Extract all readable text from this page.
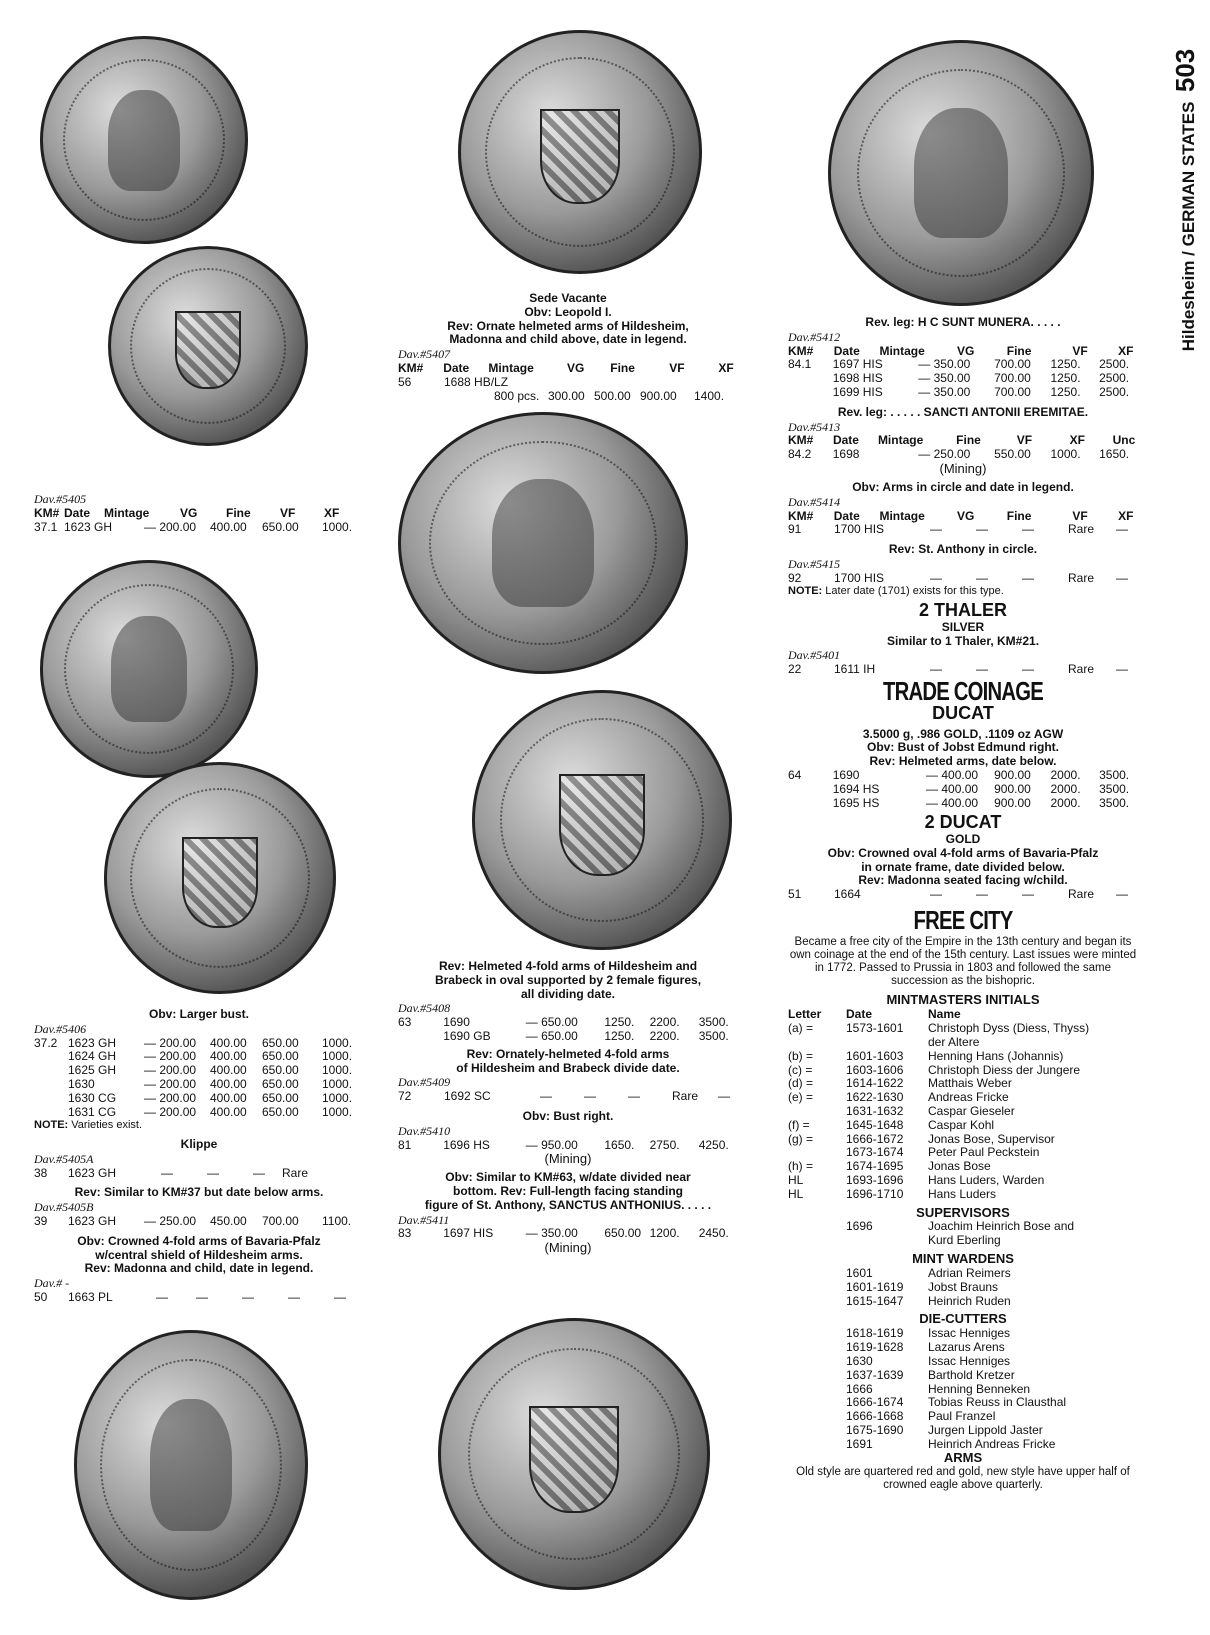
Hildesheim / GERMAN STATES  503
Dav.#5405
KM# Date	Mintage	VG	Fine	VF	XF
37.1 1623 GH	— 200.00	400.00	650.00	1000.
Obv: Larger bust.
Dav.#5406
37.2 1623 GH	— 200.00	400.00	650.00	1000.
1624 GH	— 200.00	400.00	650.00	1000.
1625 GH	— 200.00	400.00	650.00	1000.
1630	— 200.00	400.00	650.00	1000.
1630 CG	— 200.00	400.00	650.00	1000.
1631 CG	— 200.00	400.00	650.00	1000.
NOTE: Varieties exist.
Klippe
Dav.#5405A
38	1623 GH	—	—	—	Rare
Rev: Similar to KM#37 but date below arms.
Dav.#5405B
39	1623 GH	— 250.00	450.00	700.00	1100.
Obv: Crowned 4-fold arms of Bavaria-Pfalz
w/central shield of Hildesheim arms.
Rev: Madonna and child, date in legend.
Dav.# -
50	1663 PL	—	—	—	—	—
Sede Vacante
Obv: Leopold I.
Rev: Ornate helmeted arms of Hildesheim,
Madonna and child above, date in legend.
Dav.#5407
KM#	Date	Mintage	VG	Fine	VF	XF
56	1688 HB/LZ
800 pcs. 300.00 500.00 900.00	1400.
Rev: Helmeted 4-fold arms of Hildesheim and
Brabeck in oval supported by 2 female figures,
all dividing date.
Dav.#5408
63	1690	— 650.00	1250.	2200.	3500.
1690 GB	— 650.00	1250.	2200.	3500.
Rev: Ornately-helmeted 4-fold arms
of Hildesheim and Brabeck divide date.
Dav.#5409
72	1692 SC	—	—	—	Rare	—
Obv: Bust right.
Dav.#5410
81	1696 HS	— 950.00	1650.	2750.	4250.
(Mining)
Obv: Similar to KM#63, w/date divided near
bottom. Rev: Full-length facing standing
figure of St. Anthony, SANCTUS ANTHONIUS. . . . .
Dav.#5411
83	1697 HIS	— 350.00	650.00 1200.	2450.
(Mining)
Rev. leg: H C SUNT MUNERA. . . . .
Dav.#5412
KM#	Date	Mintage	VG	Fine	VF	XF
84.1	1697 HIS	— 350.00	700.00	1250.	2500.
1698 HIS	— 350.00	700.00	1250.	2500.
1699 HIS	— 350.00	700.00	1250.	2500.
Rev. leg: . . . . . SANCTI ANTONII EREMITAE.
Dav.#5413
KM#	Date	Mintage	Fine	VF	XF	Unc
84.2	1698	— 250.00	550.00	1000.	1650.
(Mining)
Obv: Arms in circle and date in legend.
Dav.#5414
KM#	Date	Mintage	VG	Fine	VF	XF
91	1700 HIS	—	—	—	Rare	—
Rev: St. Anthony in circle.
Dav.#5415
92	1700 HIS	—	—	—	Rare	—
NOTE: Later date (1701) exists for this type.
2 THALER
SILVER
Similar to 1 Thaler, KM#21.
Dav.#5401
22	1611 IH	—	—	—	Rare	—
TRADE COINAGE
DUCAT
3.5000 g, .986 GOLD, .1109 oz AGW
Obv: Bust of Jobst Edmund right.
Rev: Helmeted arms, date below.
64	1690	— 400.00	900.00	2000.	3500.
1694 HS	— 400.00	900.00	2000.	3500.
1695 HS	— 400.00	900.00	2000.	3500.
2 DUCAT
GOLD
Obv: Crowned oval 4-fold arms of Bavaria-Pfalz
in ornate frame, date divided below.
Rev: Madonna seated facing w/child.
51	1664	—	—	—	Rare	—
FREE CITY
Became a free city of the Empire in the 13th century and began its own coinage at the end of the 15th century. Last issues were minted in 1772. Passed to Prussia in 1803 and followed the same succession as the bishopric.
MINTMASTERS INITIALS
Letter	Date	Name
(a) =	1573-1601	Christoph Dyss (Diess, Thyss)
der Altere
(b) =	1601-1603	Henning Hans (Johannis)
(c) =	1603-1606	Christoph Diess der Jungere
(d) =	1614-1622	Matthais Weber
(e) =	1622-1630	Andreas Fricke
1631-1632	Caspar Gieseler
(f) =	1645-1648	Caspar Kohl
(g) =	1666-1672	Jonas Bose, Supervisor
1673-1674	Peter Paul Peckstein
(h) =	1674-1695	Jonas Bose
HL	1693-1696	Hans Luders, Warden
HL	1696-1710	Hans Luders
SUPERVISORS
1696	Joachim Heinrich Bose and
Kurd Eberling
MINT WARDENS
1601	Adrian Reimers
1601-1619	Jobst Brauns
1615-1647	Heinrich Ruden
DIE-CUTTERS
1618-1619	Issac Henniges
1619-1628	Lazarus Arens
1630	Issac Henniges
1637-1639	Barthold Kretzer
1666	Henning Benneken
1666-1674	Tobias Reuss in Clausthal
1666-1668	Paul Franzel
1675-1690	Jurgen Lippold Jaster
1691	Heinrich Andreas Fricke
ARMS
Old style are quartered red and gold, new style have upper half of crowned eagle above quarterly.
